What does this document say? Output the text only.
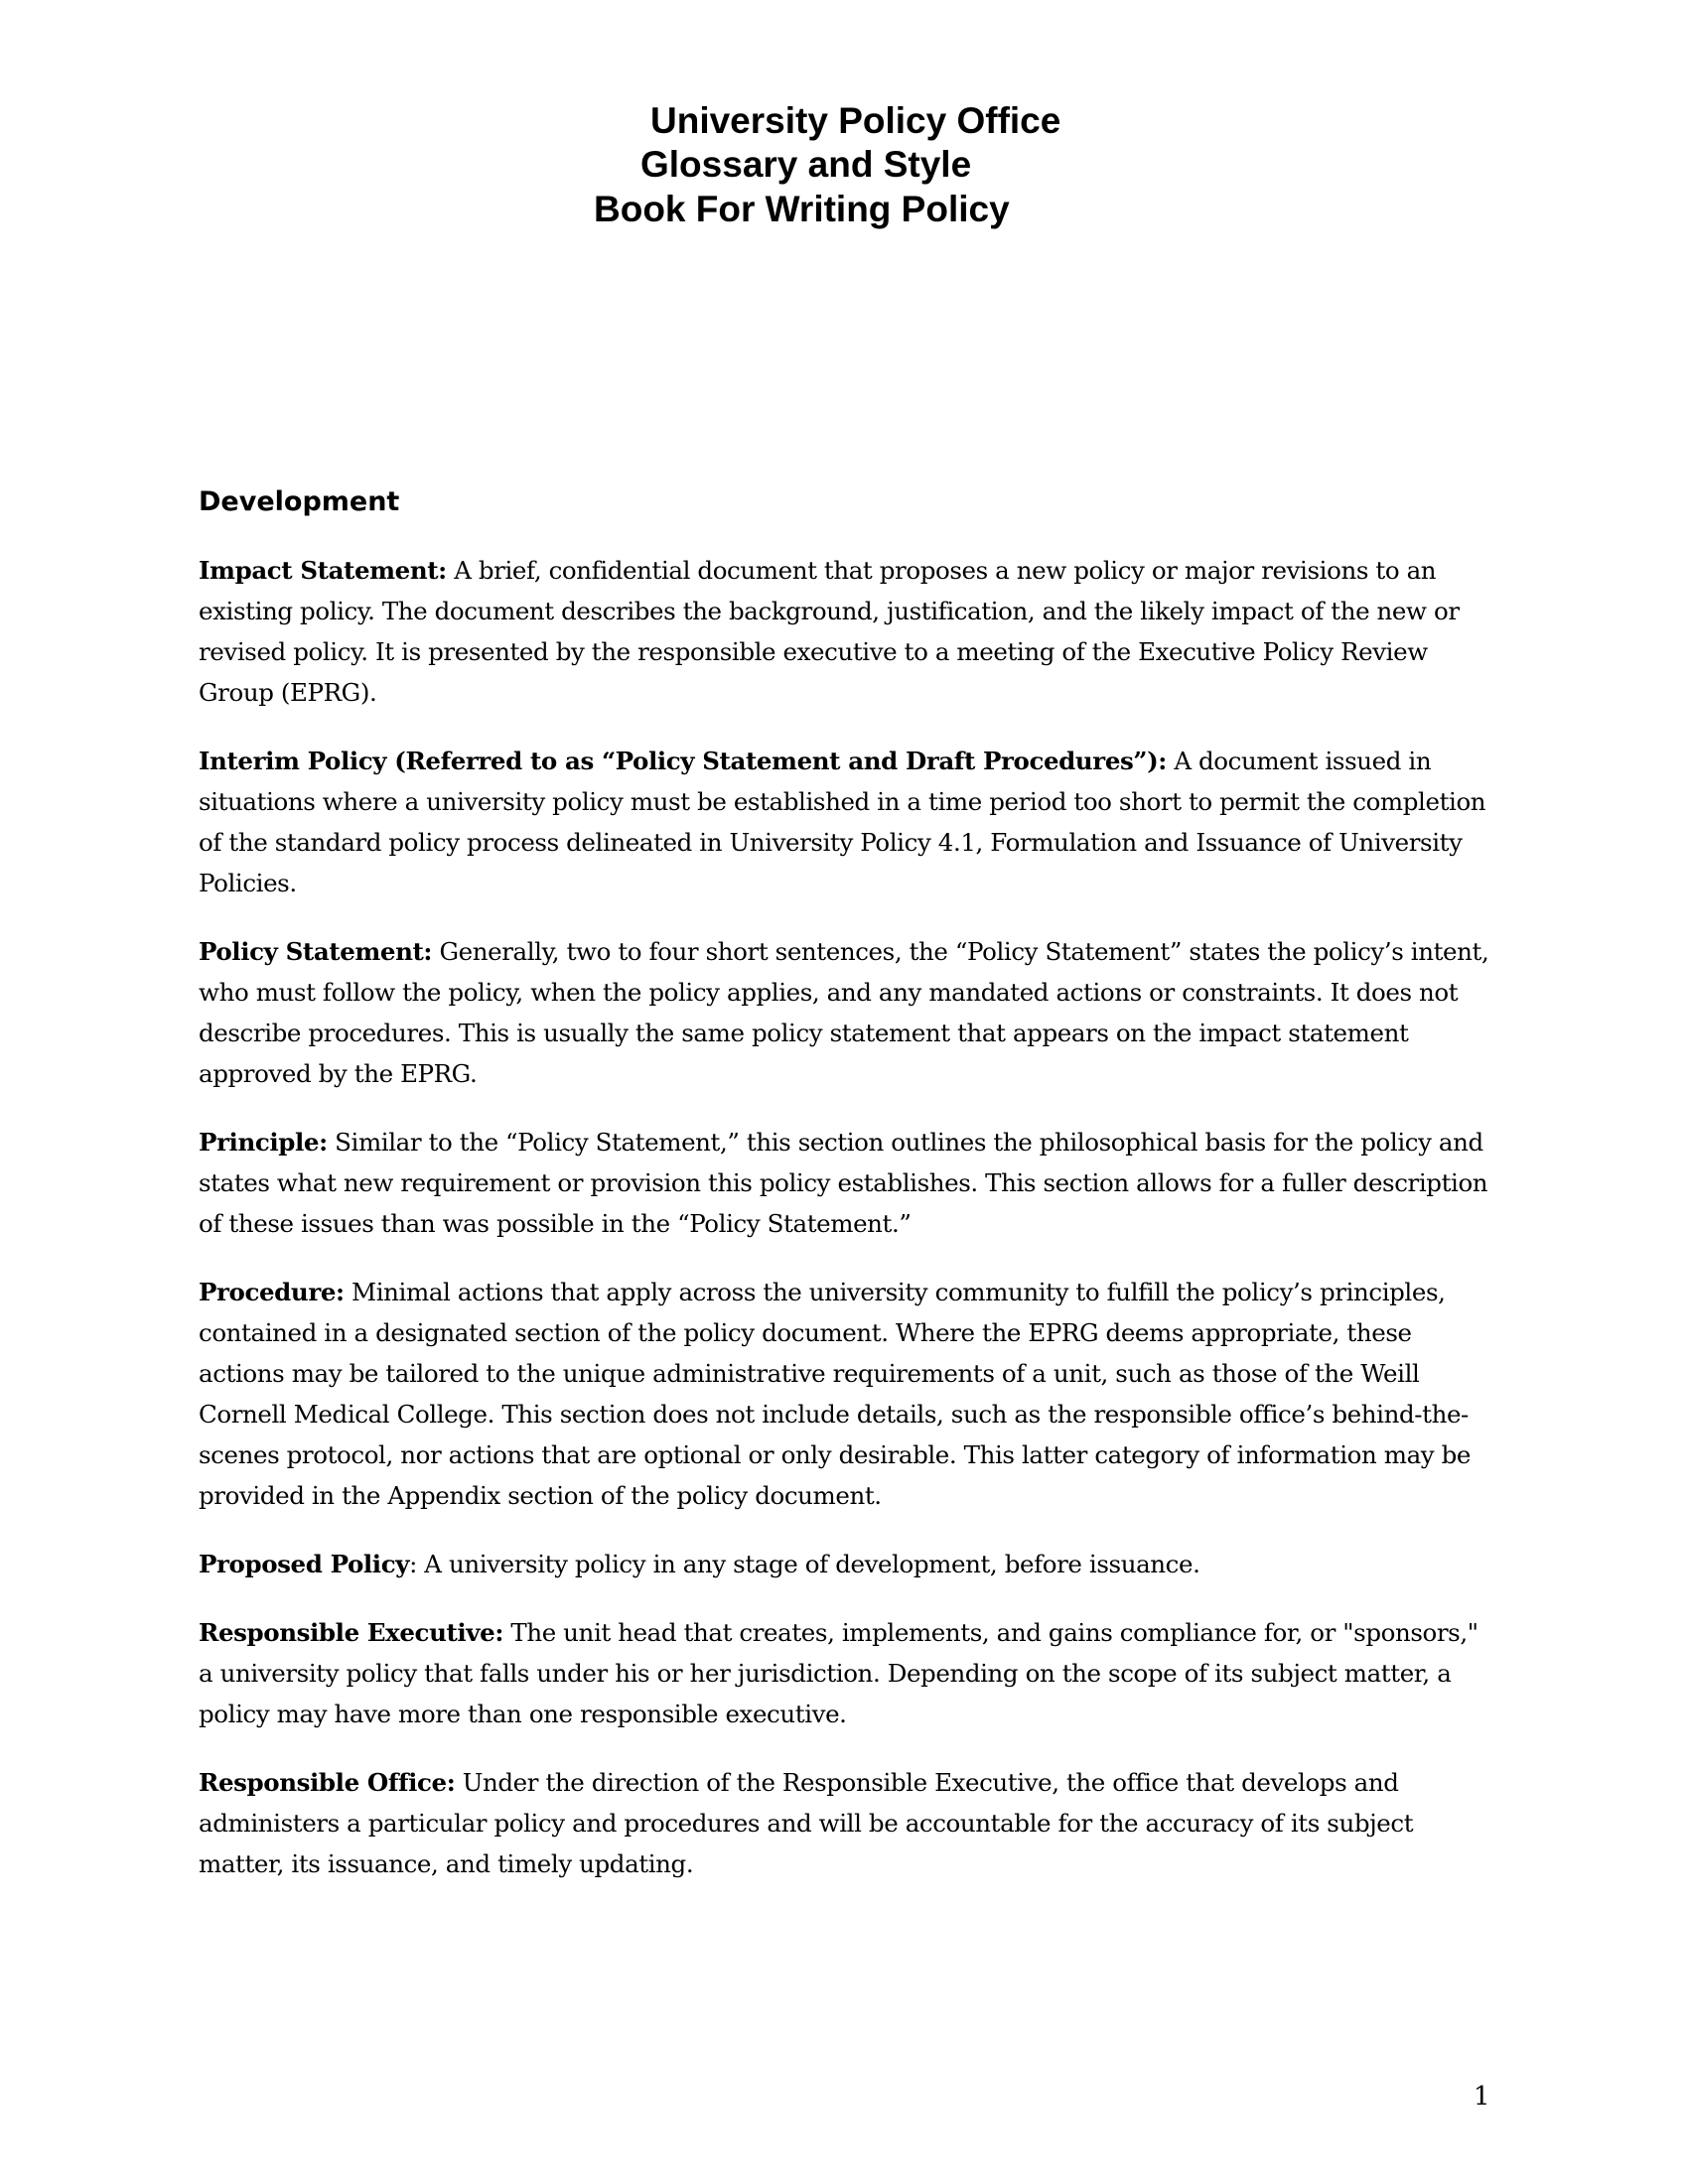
University Policy Office
Glossary and Style
Book For Writing Policy
Development

Impact Statement: A brief, confidential document that proposes a new policy or major revisions to an existing policy. The document describes the background, justification, and the likely impact of the new or revised policy. It is presented by the responsible executive to a meeting of the Executive Policy Review Group (EPRG).

Interim Policy (Referred to as “Policy Statement and Draft Procedures”): A document issued in situations where a university policy must be established in a time period too short to permit the completion of the standard policy process delineated in University Policy 4.1, Formulation and Issuance of University Policies.

Policy Statement: Generally, two to four short sentences, the “Policy Statement” states the policy’s intent, who must follow the policy, when the policy applies, and any mandated actions or constraints. It does not describe procedures. This is usually the same policy statement that appears on the impact statement approved by the EPRG.

Principle: Similar to the “Policy Statement,” this section outlines the philosophical basis for the policy and states what new requirement or provision this policy establishes. This section allows for a fuller description of these issues than was possible in the “Policy Statement.”

Procedure: Minimal actions that apply across the university community to fulfill the policy’s principles, contained in a designated section of the policy document. Where the EPRG deems appropriate, these actions may be tailored to the unique administrative requirements of a unit, such as those of the Weill Cornell Medical College. This section does not include details, such as the responsible office’s behind-the-scenes protocol, nor actions that are optional or only desirable. This latter category of information may be provided in the Appendix section of the policy document.

Proposed Policy: A university policy in any stage of development, before issuance.

Responsible Executive: The unit head that creates, implements, and gains compliance for, or "sponsors," a university policy that falls under his or her jurisdiction. Depending on the scope of its subject matter, a policy may have more than one responsible executive.

Responsible Office: Under the direction of the Responsible Executive, the office that develops and administers a particular policy and procedures and will be accountable for the accuracy of its subject matter, its issuance, and timely updating.

1
